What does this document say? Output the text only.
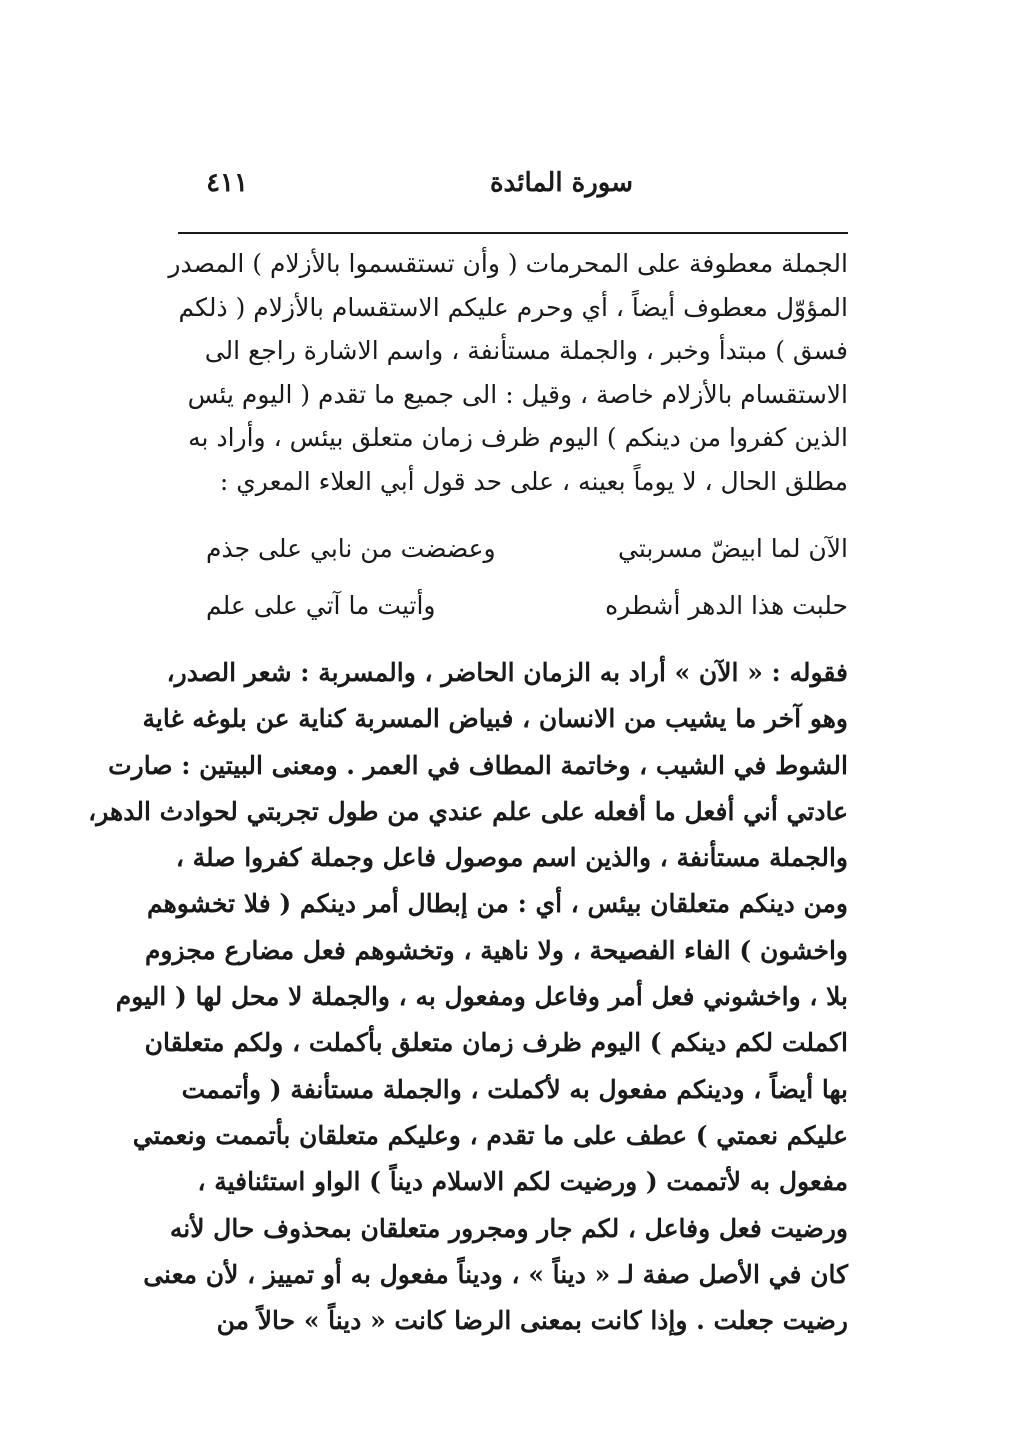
سورة المائدة
٤١١
الجملة معطوفة على المحرمات ( وأن تستقسموا بالأزلام ) المصدر
المؤوّل معطوف أيضاً ، أي وحرم عليكم الاستقسام بالأزلام ( ذلكم
فسق ) مبتدأ وخبر ، والجملة مستأنفة ، واسم الاشارة راجع الى
الاستقسام بالأزلام خاصة ، وقيل : الى جميع ما تقدم ( اليوم يئس
الذين كفروا من دينكم ) اليوم ظرف زمان متعلق بيئس ، وأراد به
مطلق الحال ، لا يوماً بعينه ، على حد قول أبي العلاء المعري :
الآن لما ابيضّ مسربتي
وعضضت من نابي على جذم
حلبت هذا الدهر أشطره
وأتيت ما آتي على علم
فقوله : « الآن » أراد به الزمان الحاضر ، والمسربة : شعر الصدر،
وهو آخر ما يشيب من الانسان ، فبياض المسربة كناية عن بلوغه غاية
الشوط في الشيب ، وخاتمة المطاف في العمر . ومعنى البيتين : صارت
عادتي أني أفعل ما أفعله على علم عندي من طول تجربتي لحوادث الدهر،
والجملة مستأنفة ، والذين اسم موصول فاعل وجملة كفروا صلة ،
ومن دينكم متعلقان بيئس ، أي : من إبطال أمر دينكم ( فلا تخشوهم
واخشون ) الفاء الفصيحة ، ولا ناهية ، وتخشوهم فعل مضارع مجزوم
بلا ، واخشوني فعل أمر وفاعل ومفعول به ، والجملة لا محل لها ( اليوم
اكملت لكم دينكم ) اليوم ظرف زمان متعلق بأكملت ، ولكم متعلقان
بها أيضاً ، ودينكم مفعول به لأكملت ، والجملة مستأنفة ( وأتممت
عليكم نعمتي ) عطف على ما تقدم ، وعليكم متعلقان بأتممت ونعمتي
مفعول به لأتممت ( ورضيت لكم الاسلام ديناً ) الواو استئنافية ،
ورضيت فعل وفاعل ، لكم جار ومجرور متعلقان بمحذوف حال لأنه
كان في الأصل صفة لـ « ديناً » ، وديناً مفعول به أو تمييز ، لأن معنى
رضيت جعلت . وإذا كانت بمعنى الرضا كانت « ديناً » حالاً من
